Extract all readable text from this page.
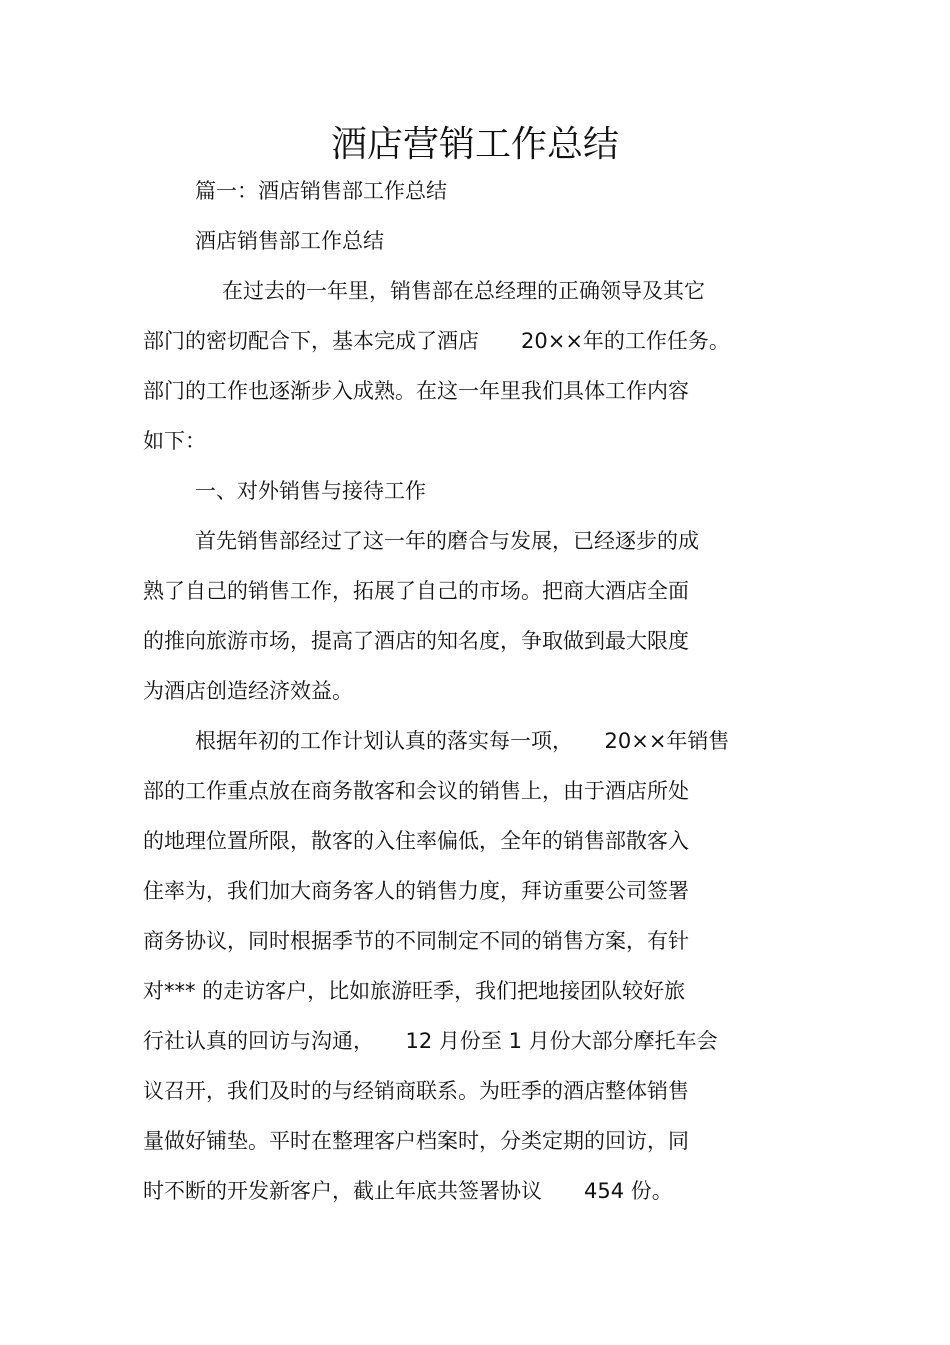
酒店营销工作总结
篇一：酒店销售部工作总结
酒店销售部工作总结
在过去的一年里，销售部在总经理的正确领导及其它
部门的密切配合下，基本完成了酒店　　20××年的工作任务。
部门的工作也逐渐步入成熟。在这一年里我们具体工作内容
如下：
一、对外销售与接待工作
首先销售部经过了这一年的磨合与发展，已经逐步的成
熟了自己的销售工作，拓展了自己的市场。把商大酒店全面
的推向旅游市场，提高了酒店的知名度，争取做到最大限度
为酒店创造经济效益。
根据年初的工作计划认真的落实每一项，　　20××年销售
部的工作重点放在商务散客和会议的销售上，由于酒店所处
的地理位置所限，散客的入住率偏低，全年的销售部散客入
住率为，我们加大商务客人的销售力度，拜访重要公司签署
商务协议，同时根据季节的不同制定不同的销售方案，有针
对*** 的走访客户，比如旅游旺季，我们把地接团队较好旅
行社认真的回访与沟通，　　12 月份至 1 月份大部分摩托车会
议召开，我们及时的与经销商联系。为旺季的酒店整体销售
量做好铺垫。平时在整理客户档案时，分类定期的回访，同
时不断的开发新客户，截止年底共签署协议　　454 份。
